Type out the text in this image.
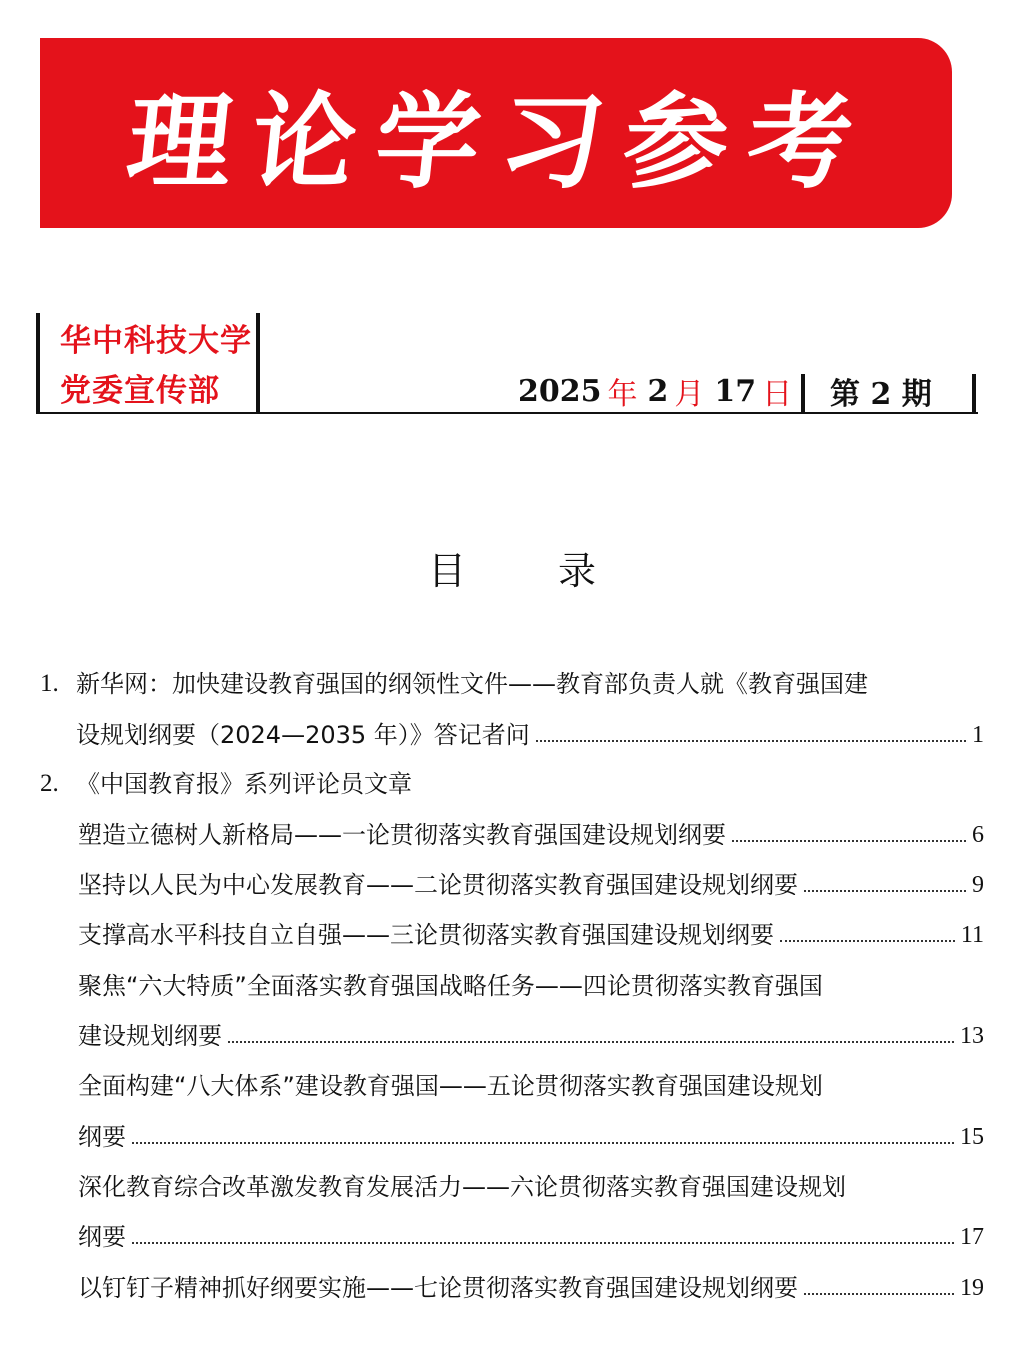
理论学习参考
华中科技大学
党委宣传部	2025 年 2 月 17 日 第 2 期
目 录
1. 新华网：加快建设教育强国的纲领性文件——教育部负责人就《教育强国建
设规划纲要（2024—2035 年）》答记者问	1
2. 《中国教育报》系列评论员文章
塑造立德树人新格局——一论贯彻落实教育强国建设规划纲要	6
坚持以人民为中心发展教育——二论贯彻落实教育强国建设规划纲要	9
支撑高水平科技自立自强——三论贯彻落实教育强国建设规划纲要	11
聚焦“六大特质”全面落实教育强国战略任务——四论贯彻落实教育强国
建设规划纲要	13
全面构建“八大体系”建设教育强国——五论贯彻落实教育强国建设规划
纲要	15
深化教育综合改革激发教育发展活力——六论贯彻落实教育强国建设规划
纲要	17
以钉钉子精神抓好纲要实施——七论贯彻落实教育强国建设规划纲要	19
